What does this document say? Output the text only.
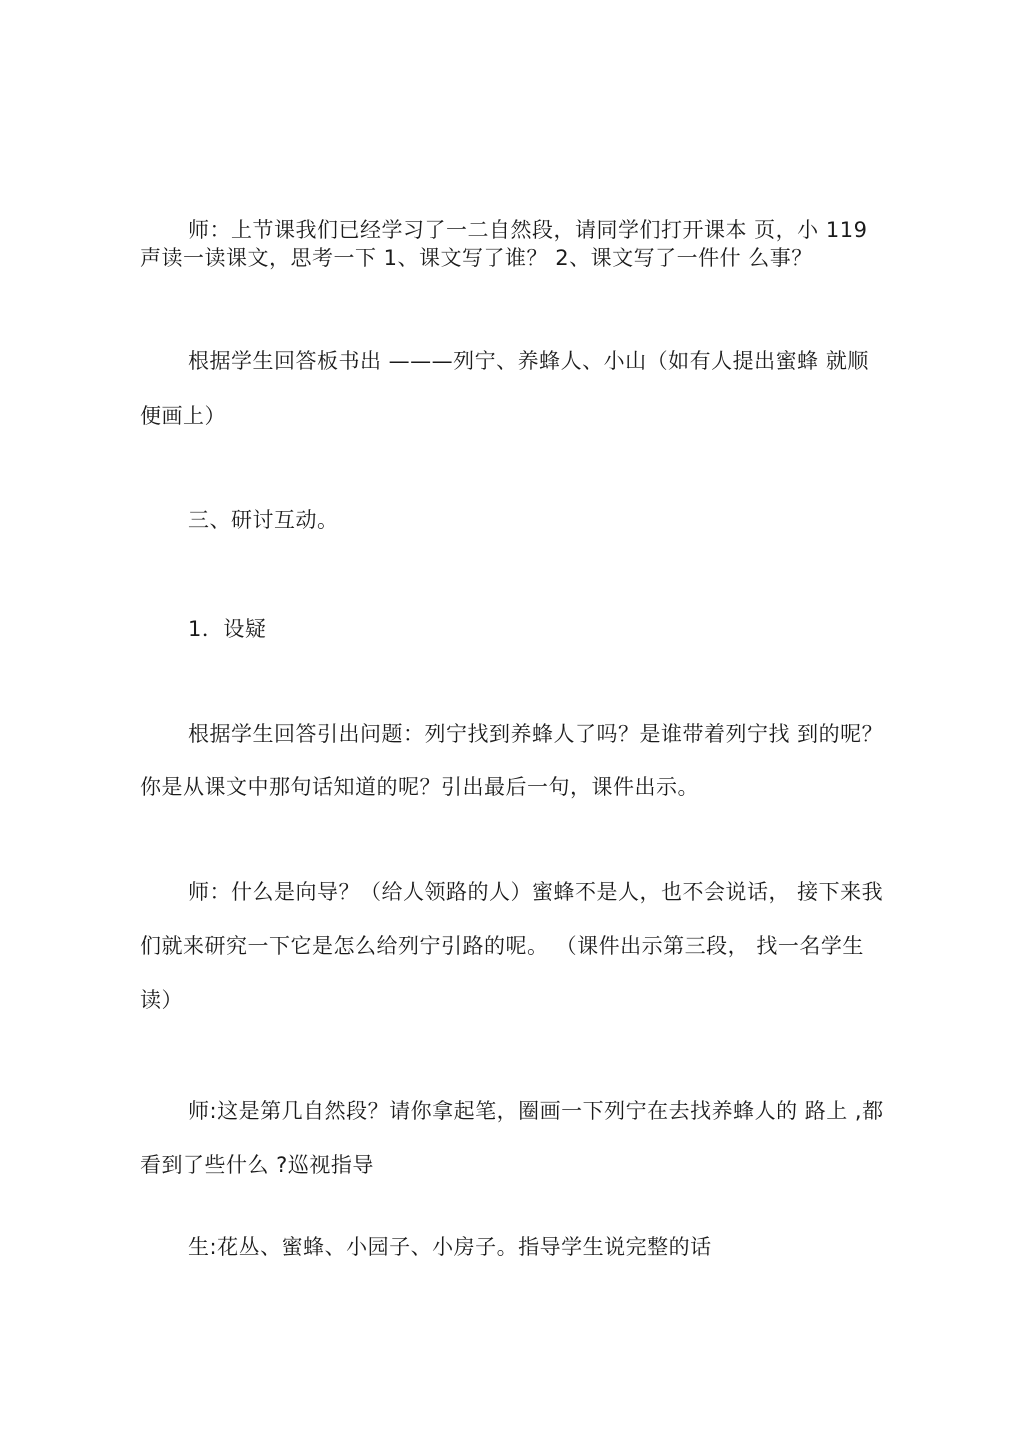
师：上节课我们已经学习了一二自然段，请同学们打开课本 页，小 119
声读一读课文，思考一下 1、课文写了谁？ 2、课文写了一件什 么事？
根据学生回答板书出 ———列宁、养蜂人、小山（如有人提出蜜蜂 就顺
便画上）
三、研讨互动。
1．设疑
根据学生回答引出问题：列宁找到养蜂人了吗？是谁带着列宁找 到的呢？
你是从课文中那句话知道的呢？引出最后一句，课件出示。
师：什么是向导？（给人领路的人）蜜蜂不是人，也不会说话， 接下来我
们就来研究一下它是怎么给列宁引路的呢。 （课件出示第三段， 找一名学生
读）
师:这是第几自然段？请你拿起笔，圈画一下列宁在去找养蜂人的 路上 ,都
看到了些什么 ?巡视指导
生:花丛、蜜蜂、小园子、小房子。指导学生说完整的话
